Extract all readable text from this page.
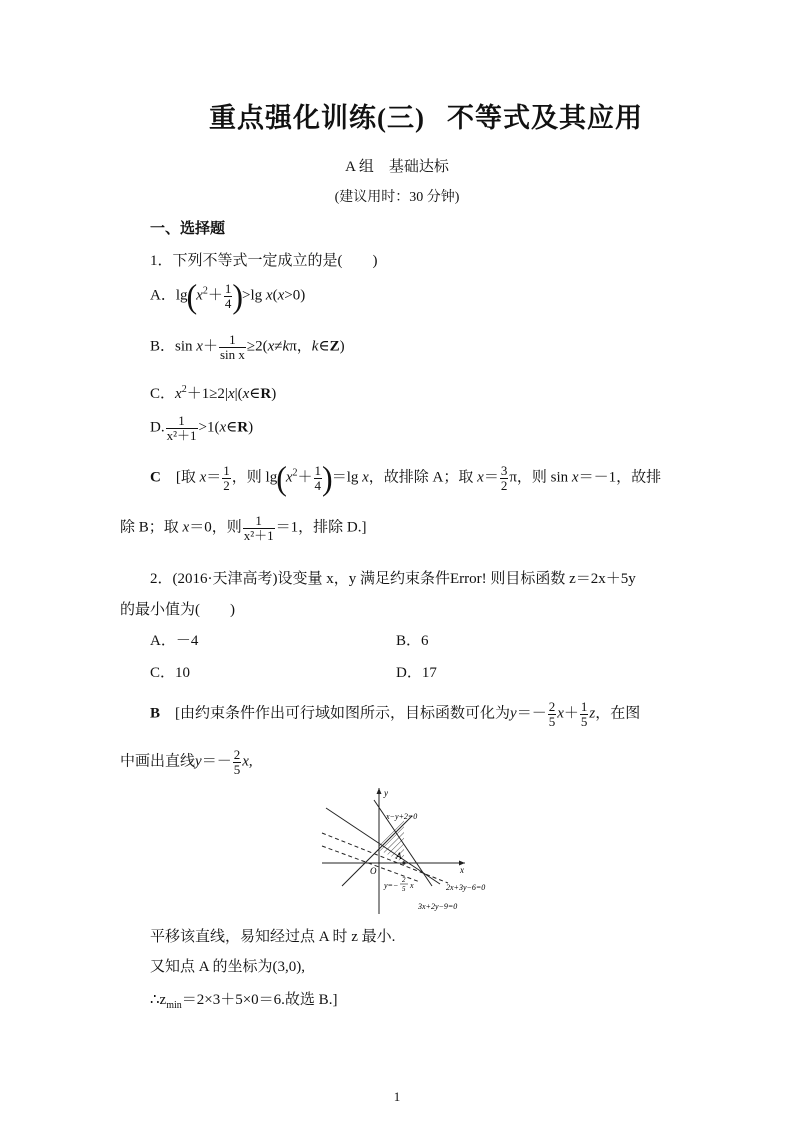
重点强化训练(三) 不等式及其应用
A 组　基础达标
(建议用时：30 分钟)
一、选择题
1．下列不等式一定成立的是(　　)
A．$\lg(x^2+ \frac{1}{4} )>\lg$ x(x>0)
B．$\sin x+ \frac{1}{\text{sin x}} \ge 2(x\ne k\pi$，k∈Z)
C．$x^2+1\ge 2|x|(x\in R)$
D. $\frac{1}{\text{x²＋1}}$ >1(x∈R)
C　[取 $x= \frac{1}{2}$ ，则 $\lg(x^2+ \frac{1}{4} )=\lg$ x，故排除 A；取 $x= \frac{3}{2}$ π，则 sin x＝－1，故排
除 B；取 x＝0，则 $\frac{1}{\text{x²＋1}} =1$，排除 D.]
2．(2016·天津高考)设变量 x，y 满足约束条件Error! 则目标函数 z＝2x＋5y
的最小值为(　　)
A．－4	B．6
C．10	D．17
B　 [由约束条件作出可行域如图所示，目标函数可化为$y=- \frac{2}{5} x+ \frac{1}{5}$ z，在图
中画出直线$y=- \frac{2}{5} x$,
y
x
O
A
x−y+2=0
2x+3y−6=0
3x+2y−9=0
y=−
2
5 x
平移该直线，易知经过点 A 时 z 最小.
又知点 A 的坐标为(3,0),
$\therefore z_{min}=2\times 3+5\times 0=6$.故选 B.]
1
